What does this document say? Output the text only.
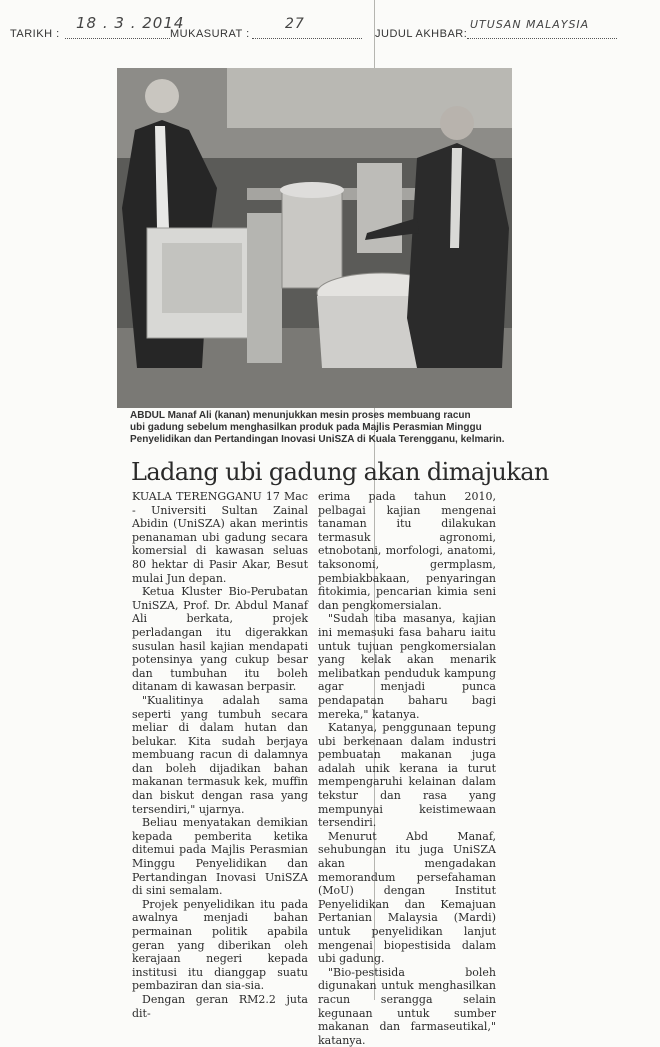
TARIKH :
18 . 3 . 2014
MUKASURAT :
27
JUDUL AKHBAR:
UTUSAN MALAYSIA

ABDUL Manaf Ali (kanan) menunjukkan mesin proses membuang racun

ubi gadung sebelum menghasilkan produk pada Majlis Perasmian Minggu

Penyelidikan dan Pertandingan Inovasi UniSZA di Kuala Terengganu, kelmarin.

Ladang ubi gadung akan dimajukan

KUALA TERENGGANU 17 Mac - Universiti Sultan Zainal Abidin (UniSZA) akan merintis penanaman ubi gadung secara komersial di kawasan seluas 80 hektar di Pasir Akar, Besut mulai Jun depan.

Ketua Kluster Bio-Perubatan UniSZA, Prof. Dr. Abdul Manaf Ali berkata, projek perladangan itu digerakkan susulan hasil kajian mendapati potensinya yang cukup besar dan tumbuhan itu boleh ditanam di kawasan berpasir.

"Kualitinya adalah sama seperti yang tumbuh secara meliar di dalam hutan dan belukar. Kita sudah berjaya membuang racun di dalamnya dan boleh dijadikan bahan makanan termasuk kek, muffin dan biskut dengan rasa yang tersendiri," ujarnya.

Beliau menyatakan demikian kepada pemberita ketika ditemui pada Majlis Perasmian Minggu Penyelidikan dan Pertandingan Inovasi UniSZA di sini semalam.

Projek penyelidikan itu pada awalnya menjadi bahan permainan politik apabila geran yang diberikan oleh kerajaan negeri kepada institusi itu dianggap suatu pembaziran dan sia-sia.

Dengan geran RM2.2 juta dit-

erima pada tahun 2010, pelbagai kajian mengenai tanaman itu dilakukan termasuk agronomi, etnobotani, morfologi, anatomi, taksonomi, germplasm, pembiakbakaan, penyaringan fitokimia, pencarian kimia seni dan pengkomersialan.

"Sudah tiba masanya, kajian ini memasuki fasa baharu iaitu untuk tujuan pengkomersialan yang kelak akan menarik melibatkan penduduk kampung agar menjadi punca pendapatan baharu bagi mereka," katanya.

Katanya, penggunaan tepung ubi berkenaan dalam industri pembuatan makanan juga adalah unik kerana ia turut mempengaruhi kelainan dalam tekstur dan rasa yang mempunyai keistimewaan tersendiri.

Menurut Abd Manaf, sehubungan itu juga UniSZA akan mengadakan memorandum persefahaman (MoU) dengan Institut Penyelidikan dan Kemajuan Pertanian Malaysia (Mardi) untuk penyelidikan lanjut mengenai biopestisida dalam ubi gadung.

"Bio-pestisida boleh digunakan untuk menghasilkan racun serangga selain kegunaan untuk sumber makanan dan farmaseutikal," katanya.
